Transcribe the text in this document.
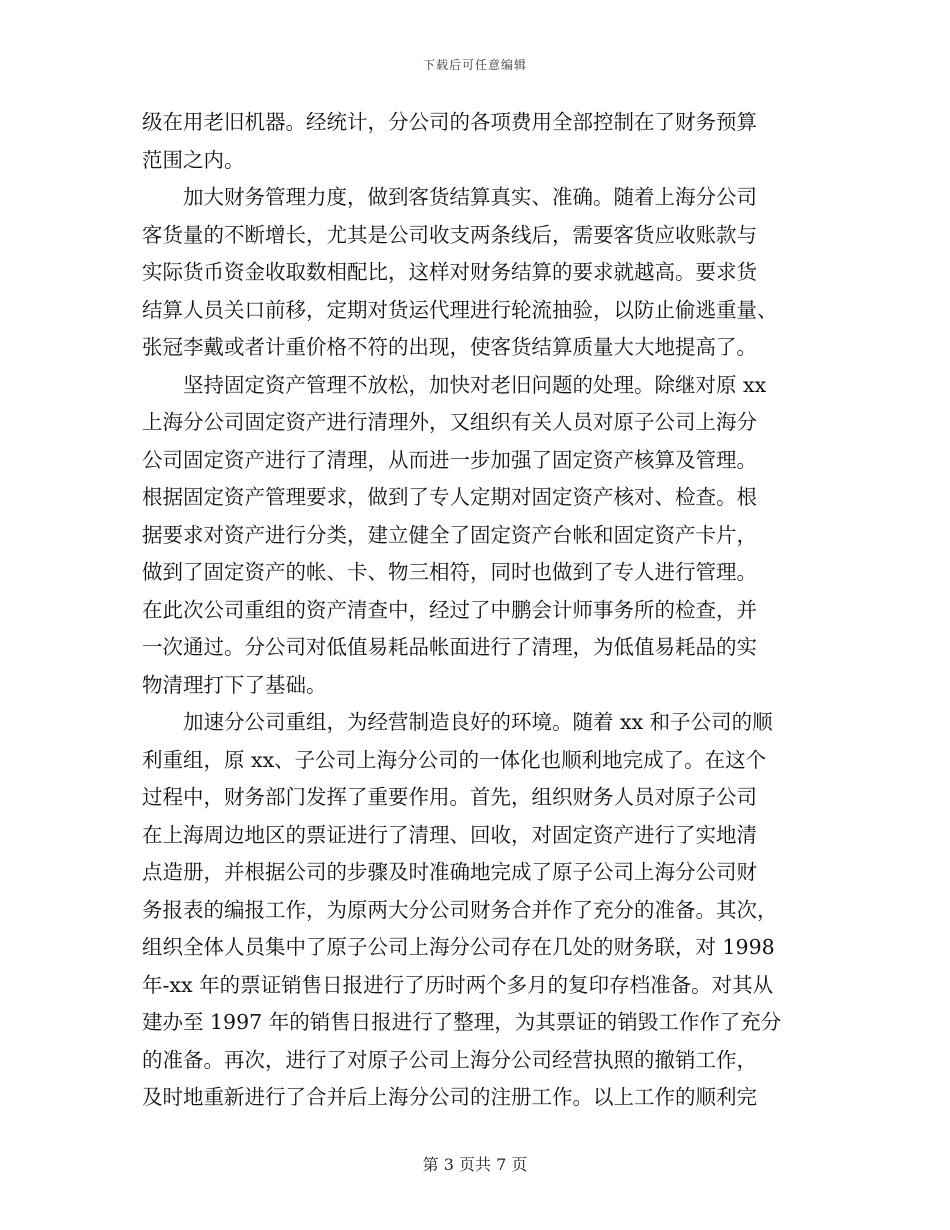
下载后可任意编辑
级在用老旧机器。经统计，分公司的各项费用全部控制在了财务预算
范围之内。
　　加大财务管理力度，做到客货结算真实、准确。随着上海分公司
客货量的不断增长，尤其是公司收支两条线后，需要客货应收账款与
实际货币资金收取数相配比，这样对财务结算的要求就越高。要求货
结算人员关口前移，定期对货运代理进行轮流抽验，以防止偷逃重量、
张冠李戴或者计重价格不符的出现，使客货结算质量大大地提高了。
　　坚持固定资产管理不放松，加快对老旧问题的处理。除继对原 xx
上海分公司固定资产进行清理外，又组织有关人员对原子公司上海分
公司固定资产进行了清理，从而进一步加强了固定资产核算及管理。
根据固定资产管理要求，做到了专人定期对固定资产核对、检查。根
据要求对资产进行分类，建立健全了固定资产台帐和固定资产卡片，
做到了固定资产的帐、卡、物三相符，同时也做到了专人进行管理。
在此次公司重组的资产清查中，经过了中鹏会计师事务所的检查，并
一次通过。分公司对低值易耗品帐面进行了清理，为低值易耗品的实
物清理打下了基础。
　　加速分公司重组，为经营制造良好的环境。随着 xx 和子公司的顺
利重组，原 xx、子公司上海分公司的一体化也顺利地完成了。在这个
过程中，财务部门发挥了重要作用。首先，组织财务人员对原子公司
在上海周边地区的票证进行了清理、回收，对固定资产进行了实地清
点造册，并根据公司的步骤及时准确地完成了原子公司上海分公司财
务报表的编报工作，为原两大分公司财务合并作了充分的准备。其次，
组织全体人员集中了原子公司上海分公司存在几处的财务联，对 1998
年-xx 年的票证销售日报进行了历时两个多月的复印存档准备。对其从
建办至 1997 年的销售日报进行了整理，为其票证的销毁工作作了充分
的准备。再次，进行了对原子公司上海分公司经营执照的撤销工作，
及时地重新进行了合并后上海分公司的注册工作。以上工作的顺利完
第 3 页共 7 页
